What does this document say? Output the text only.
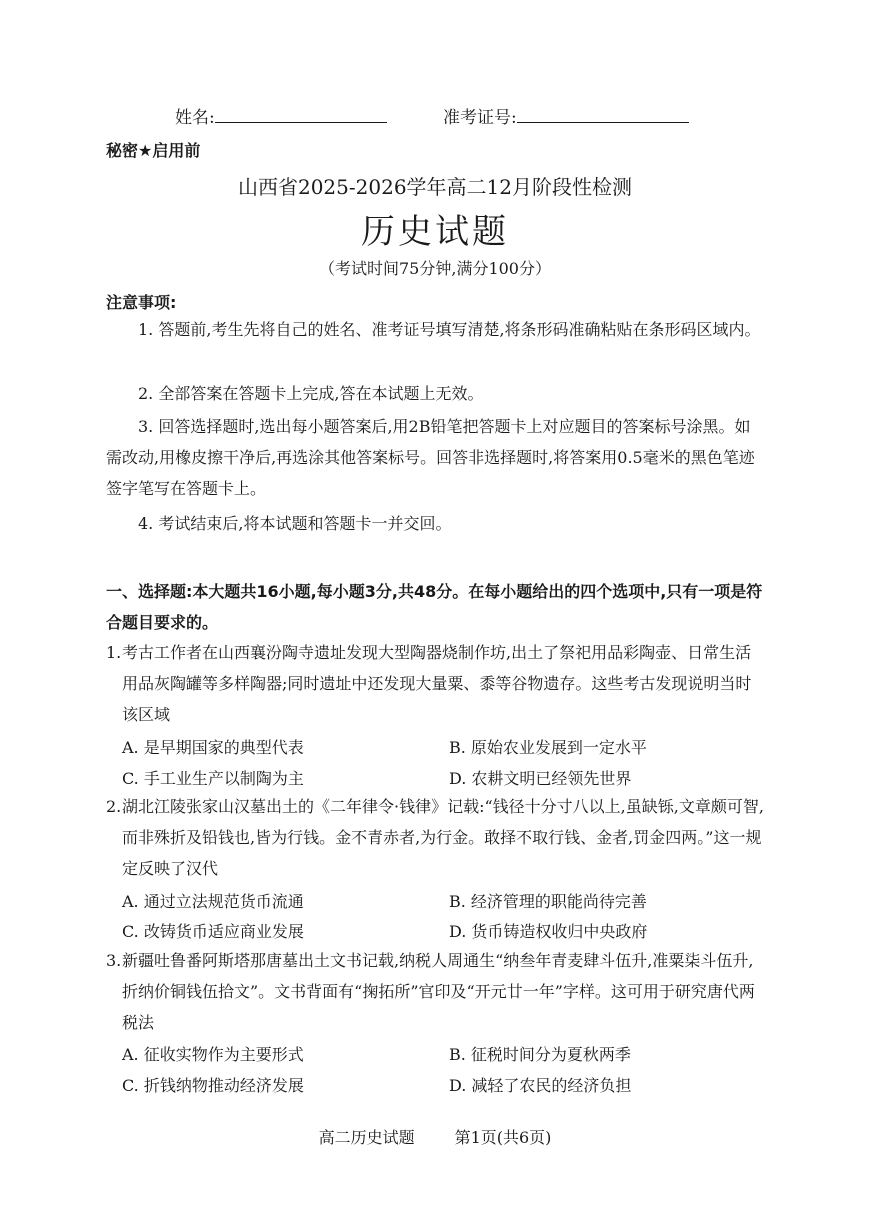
姓名:	准考证号:
秘密★启用前
山西省2025-2026学年高二12月阶段性检测
历史试题
（考试时间75分钟,满分100分）
注意事项:
1. 答题前,考生先将自己的姓名、准考证号填写清楚,将条形码准确粘贴在条形码区域内。
2. 全部答案在答题卡上完成,答在本试题上无效。
3. 回答选择题时,选出每小题答案后,用2B铅笔把答题卡上对应题目的答案标号涂黑。如需改动,用橡皮擦干净后,再选涂其他答案标号。回答非选择题时,将答案用0.5毫米的黑色笔迹签字笔写在答题卡上。
4. 考试结束后,将本试题和答题卡一并交回。
一、选择题:本大题共16小题,每小题3分,共48分。在每小题给出的四个选项中,只有一项是符合题目要求的。
1. 考古工作者在山西襄汾陶寺遗址发现大型陶器烧制作坊,出土了祭祀用品彩陶壶、日常生活用品灰陶罐等多样陶器;同时遗址中还发现大量粟、黍等谷物遗存。这些考古发现说明当时该区域
A. 是早期国家的典型代表	B. 原始农业发展到一定水平
C. 手工业生产以制陶为主	D. 农耕文明已经领先世界
2. 湖北江陵张家山汉墓出土的《二年律令·钱律》记载:“钱径十分寸八以上,虽缺铄,文章颇可智,而非殊折及铅钱也,皆为行钱。金不青赤者,为行金。敢择不取行钱、金者,罚金四两。”这一规定反映了汉代
A. 通过立法规范货币流通	B. 经济管理的职能尚待完善
C. 改铸货币适应商业发展	D. 货币铸造权收归中央政府
3. 新疆吐鲁番阿斯塔那唐墓出土文书记载,纳税人周通生“纳叁年青麦肆斗伍升,准粟柒斗伍升,折纳价铜钱伍拾文”。文书背面有“掬拓所”官印及“开元廿一年”字样。这可用于研究唐代两税法
A. 征收实物作为主要形式	B. 征税时间分为夏秋两季
C. 折钱纳物推动经济发展	D. 减轻了农民的经济负担
高二历史试题	第1页(共6页)
